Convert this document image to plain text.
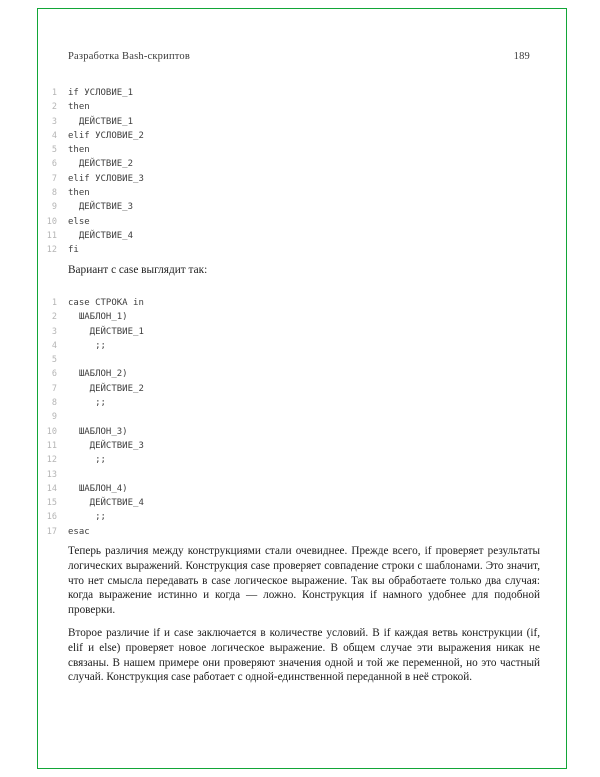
Разработка Bash-скриптов	189
1 if УСЛОВИЕ_1
2 then
3 ДЕЙСТВИЕ_1
4 elif УСЛОВИЕ_2
5 then
6 ДЕЙСТВИЕ_2
7 elif УСЛОВИЕ_3
8 then
9 ДЕЙСТВИЕ_3
10 else
11 ДЕЙСТВИЕ_4
12 fi
Вариант с case выглядит так:
1 case СТРОКА in
2 ШАБЛОН_1)
3 ДЕЙСТВИЕ_1
4 ;;
5
6 ШАБЛОН_2)
7 ДЕЙСТВИЕ_2
8 ;;
9
10 ШАБЛОН_3)
11 ДЕЙСТВИЕ_3
12 ;;
13
14 ШАБЛОН_4)
15 ДЕЙСТВИЕ_4
16 ;;
17 esac

Теперь различия между конструкциями стали очевиднее. Прежде всего, if проверяет результаты логических выражений. Конструкция case проверяет совпадение строки с шаблонами. Это значит, что нет смысла передавать в case логическое выражение. Так вы обработаете только два случая: когда выражение истинно и когда — ложно. Конструкция if намного удобнее для подобной проверки.

Второе различие if и case заключается в количестве условий. В if каждая ветвь конструкции (if, elif и else) проверяет новое логическое выражение. В общем случае эти выражения никак не связаны. В нашем примере они проверяют значения одной и той же переменной, но это частный случай. Конструкция case работает с одной-единственной переданной в неё строкой.
